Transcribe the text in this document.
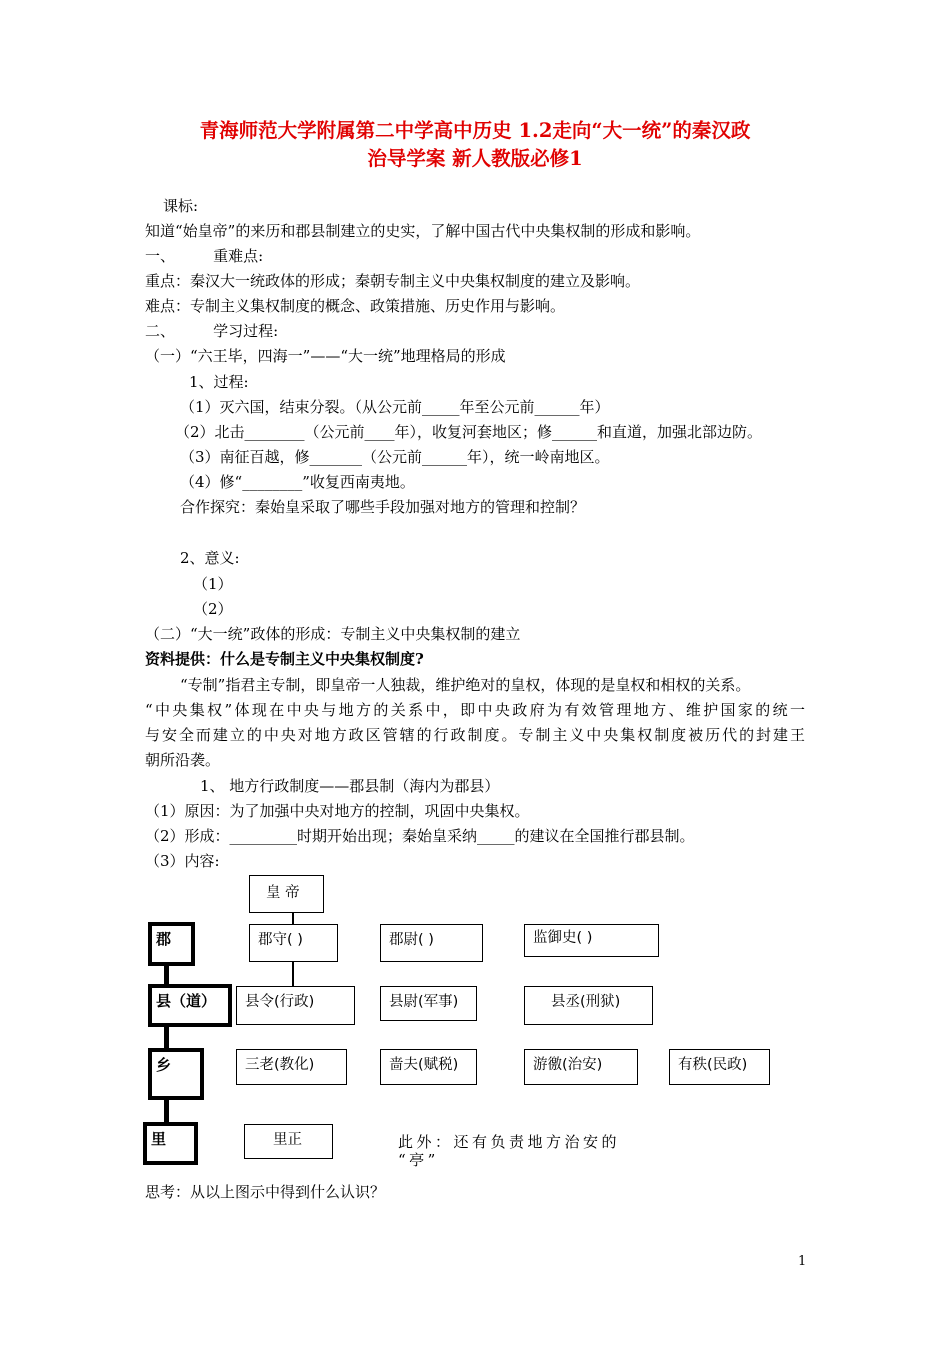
青海师范大学附属第二中学高中历史 1.2走向“大一统”的秦汉政
治导学案 新人教版必修1
课标:
知道“始皇帝”的来历和郡县制建立的史实，了解中国古代中央集权制的形成和影响。
一、        重难点:
重点：秦汉大一统政体的形成；秦朝专制主义中央集权制度的建立及影响。
难点：专制主义集权制度的概念、政策措施、历史作用与影响。
二、        学习过程:
（一）“六王毕，四海一”——“大一统”地理格局的形成
1、过程:
（1）灭六国，结束分裂。（从公元前_____年至公元前______年）
（2）北击________（公元前____年），收复河套地区；修______和直道，加强北部边防。
（3）南征百越，修_______（公元前______年），统一岭南地区。
（4）修“________”收复西南夷地。
合作探究：秦始皇采取了哪些手段加强对地方的管理和控制？
2、意义:
（1）
（2）
（二）“大一统”政体的形成：专制主义中央集权制的建立
资料提供：什么是专制主义中央集权制度?
“专制”指君主专制，即皇帝一人独裁，维护绝对的皇权，体现的是皇权和相权的关系。
“中央集权”体现在中央与地方的关系中，即中央政府为有效管理地方、维护国家的统一
与安全而建立的中央对地方政区管辖的行政制度。专制主义中央集权制度被历代的封建王
朝所沿袭。
1、 地方行政制度——郡县制（海内为郡县）
（1）原因：为了加强中央对地方的控制，巩固中央集权。
（2）形成：_________时期开始出现；秦始皇采纳_____的建议在全国推行郡县制。
（3）内容:
皇 帝
郡
县（道）
乡
里
郡守( )	郡尉( )	监御史( )
县令(行政)	县尉(军事)	县丞(刑狱)
三老(教化)	啬夫(赋税)	游徼(治安)	有秩(民政)
里正	此外：还有负责地方治安的
“亭”
思考：从以上图示中得到什么认识？
1
